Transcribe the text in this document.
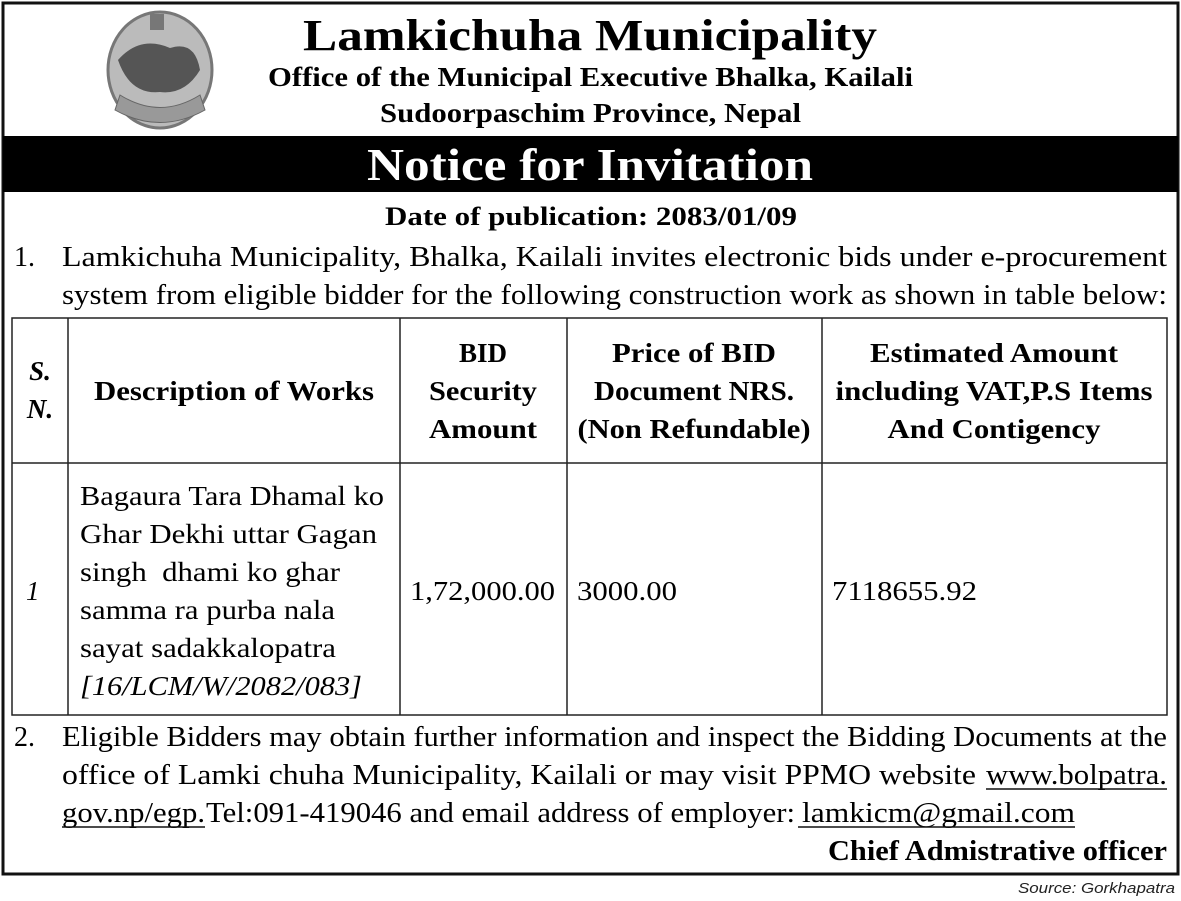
Lamkichuha Municipality
Office of the Municipal Executive Bhalka, Kailali
Sudoorpaschim Province, Nepal
Notice for Invitation
Date of publication: 2083/01/09
1. Lamkichuha Municipality, Bhalka, Kailali invites electronic bids under e-procurement
system from eligible bidder for the following construction work as shown in table below:
S.
N.
Description of Works
BID
Security
Amount
Price of BID
Document NRS.
(Non Refundable)
Estimated Amount
including VAT,P.S Items
And Contigency
1
Bagaura Tara Dhamal ko
Ghar Dekhi uttar Gagan
singh  dhami ko ghar
samma ra purba nala
sayat sadakkalopatra
[16/LCM/W/2082/083]
1,72,000.00 3000.00	7118655.92
2. Eligible Bidders may obtain further information and inspect the Bidding Documents at the
office of Lamki chuha Municipality, Kailali or may visit PPMO website www.bolpatra.
gov.np/egp. Tel:091-419046 and email address of employer: lamkicm@gmail.com
Chief Admistrative officer
Source: Gorkhapatra
